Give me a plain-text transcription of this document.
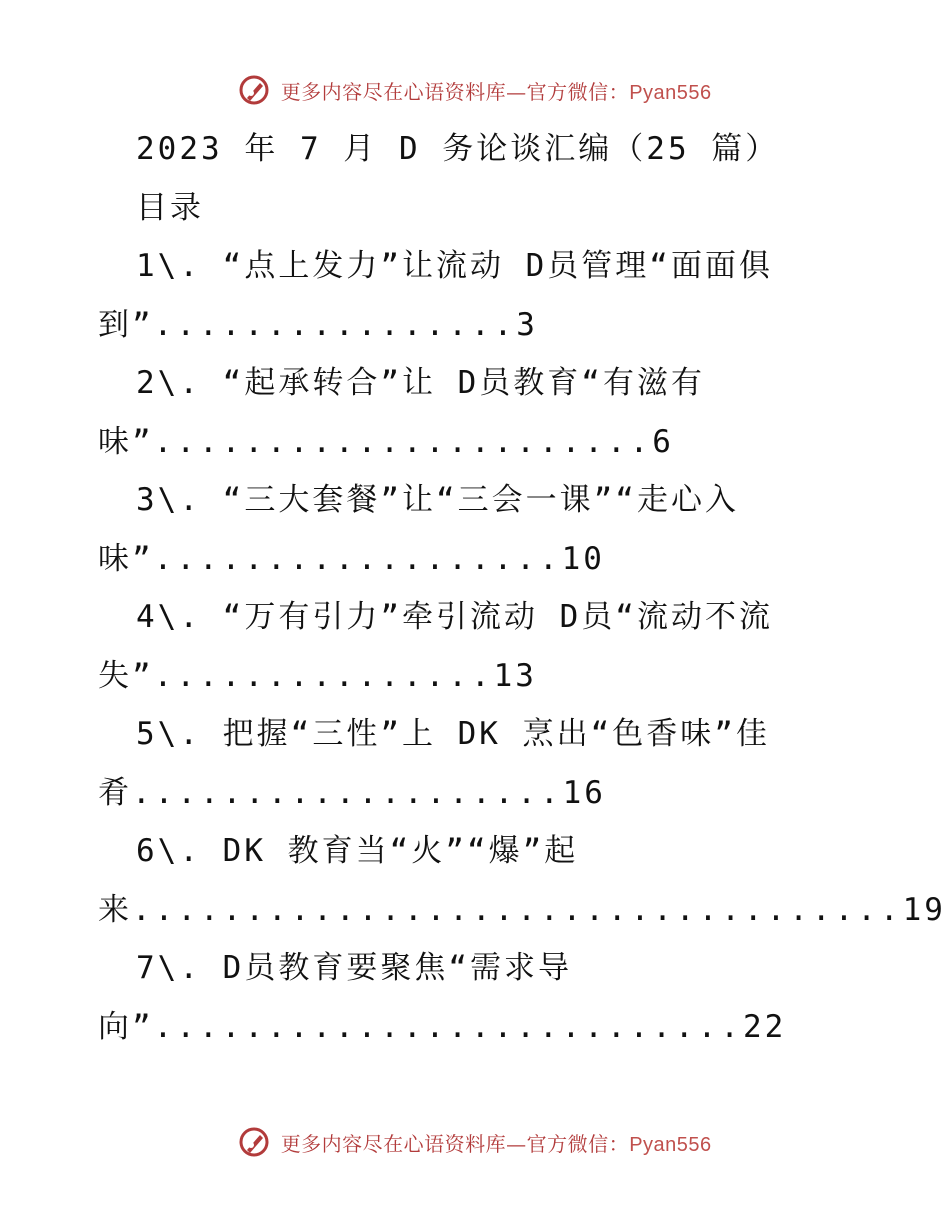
更多内容尽在心语资料库—官方微信：Pyan556
2023 年 7 月 D 务论谈汇编（25 篇）
目录
1\. “点上发力”让流动 D员管理“面面俱
到”................3
2\. “起承转合”让 D员教育“有滋有
味”......................6
3\. “三大套餐”让“三会一课”“走心入
味”..................10
4\. “万有引力”牵引流动 D员“流动不流
失”...............13
5\. 把握“三性”上 DK 烹出“色香味”佳
肴...................16
6\. DK 教育当“火”“爆”起
来..................................19
7\. D员教育要聚焦“需求导
向”..........................22
更多内容尽在心语资料库—官方微信：Pyan556
